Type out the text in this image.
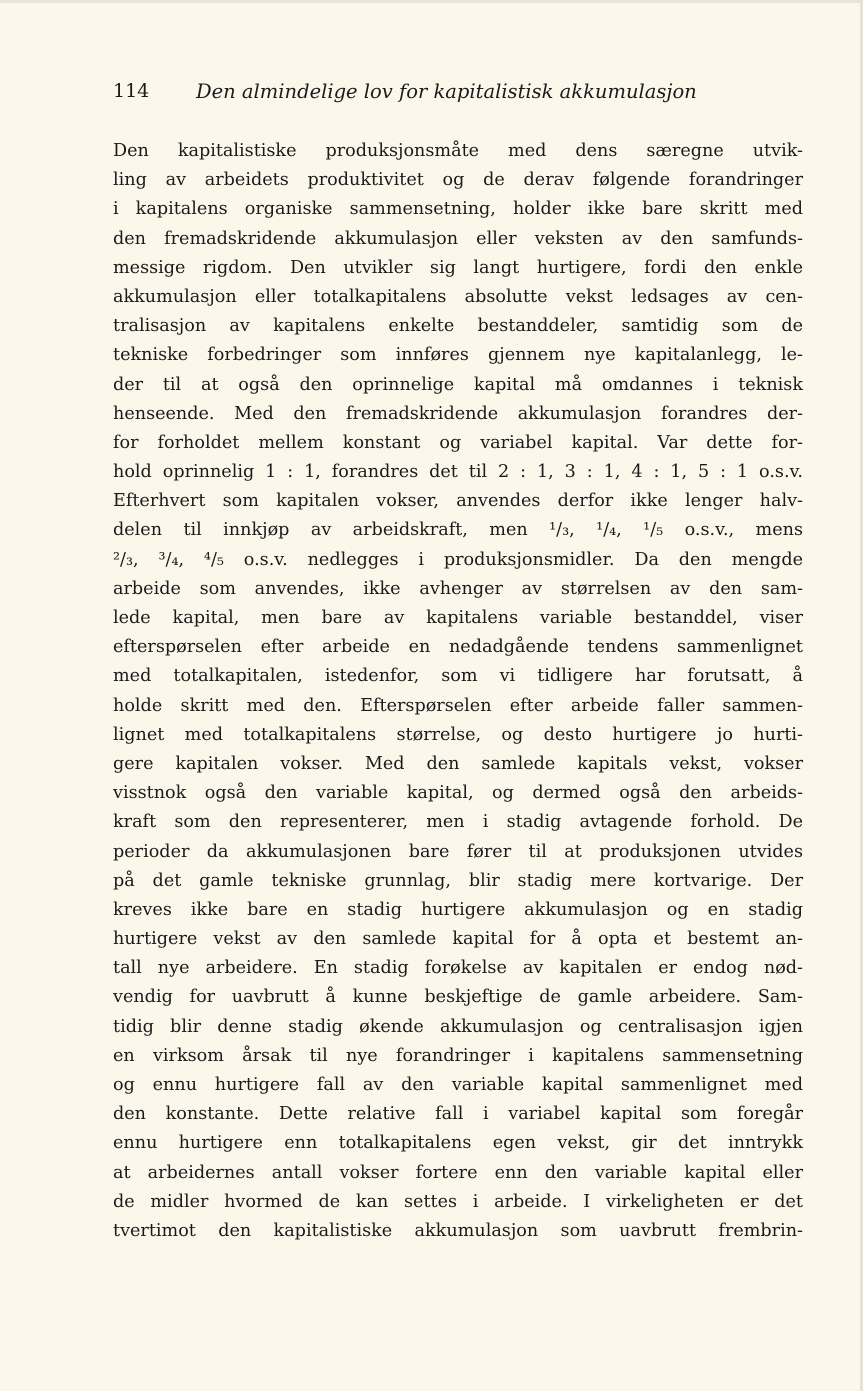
114 Den almindelige lov for kapitalistisk akkumulasjon
Den kapitalistiske produksjonsmåte med dens særegne utvik-
ling av arbeidets produktivitet og de derav følgende forandringer
i kapitalens organiske sammensetning, holder ikke bare skritt med
den fremadskridende akkumulasjon eller veksten av den samfunds-
messige rigdom. Den utvikler sig langt hurtigere, fordi den enkle
akkumulasjon eller totalkapitalens absolutte vekst ledsages av cen-
tralisasjon av kapitalens enkelte bestanddeler, samtidig som de
tekniske forbedringer som innføres gjennem nye kapitalanlegg, le-
der til at også den oprinnelige kapital må omdannes i teknisk
henseende. Med den fremadskridende akkumulasjon forandres der-
for forholdet mellem konstant og variabel kapital. Var dette for-
hold oprinnelig 1 : 1, forandres det til 2 : 1, 3 : 1, 4 : 1, 5 : 1 o.s.v.
Efterhvert som kapitalen vokser, anvendes derfor ikke lenger halv-
delen til innkjøp av arbeidskraft, men ¹/₃, ¹/₄, ¹/₅ o.s.v., mens
²/₃, ³/₄, ⁴/₅ o.s.v. nedlegges i produksjonsmidler. Da den mengde
arbeide som anvendes, ikke avhenger av størrelsen av den sam-
lede kapital, men bare av kapitalens variable bestanddel, viser
efterspørselen efter arbeide en nedadgående tendens sammenlignet
med totalkapitalen, istedenfor, som vi tidligere har forutsatt, å
holde skritt med den. Efterspørselen efter arbeide faller sammen-
lignet med totalkapitalens størrelse, og desto hurtigere jo hurti-
gere kapitalen vokser. Med den samlede kapitals vekst, vokser
visstnok også den variable kapital, og dermed også den arbeids-
kraft som den representerer, men i stadig avtagende forhold. De
perioder da akkumulasjonen bare fører til at produksjonen utvides
på det gamle tekniske grunnlag, blir stadig mere kortvarige. Der
kreves ikke bare en stadig hurtigere akkumulasjon og en stadig
hurtigere vekst av den samlede kapital for å opta et bestemt an-
tall nye arbeidere. En stadig forøkelse av kapitalen er endog nød-
vendig for uavbrutt å kunne beskjeftige de gamle arbeidere. Sam-
tidig blir denne stadig økende akkumulasjon og centralisasjon igjen
en virksom årsak til nye forandringer i kapitalens sammensetning
og ennu hurtigere fall av den variable kapital sammenlignet med
den konstante. Dette relative fall i variabel kapital som foregår
ennu hurtigere enn totalkapitalens egen vekst, gir det inntrykk
at arbeidernes antall vokser fortere enn den variable kapital eller
de midler hvormed de kan settes i arbeide. I virkeligheten er det
tvertimot den kapitalistiske akkumulasjon som uavbrutt frembrin-
